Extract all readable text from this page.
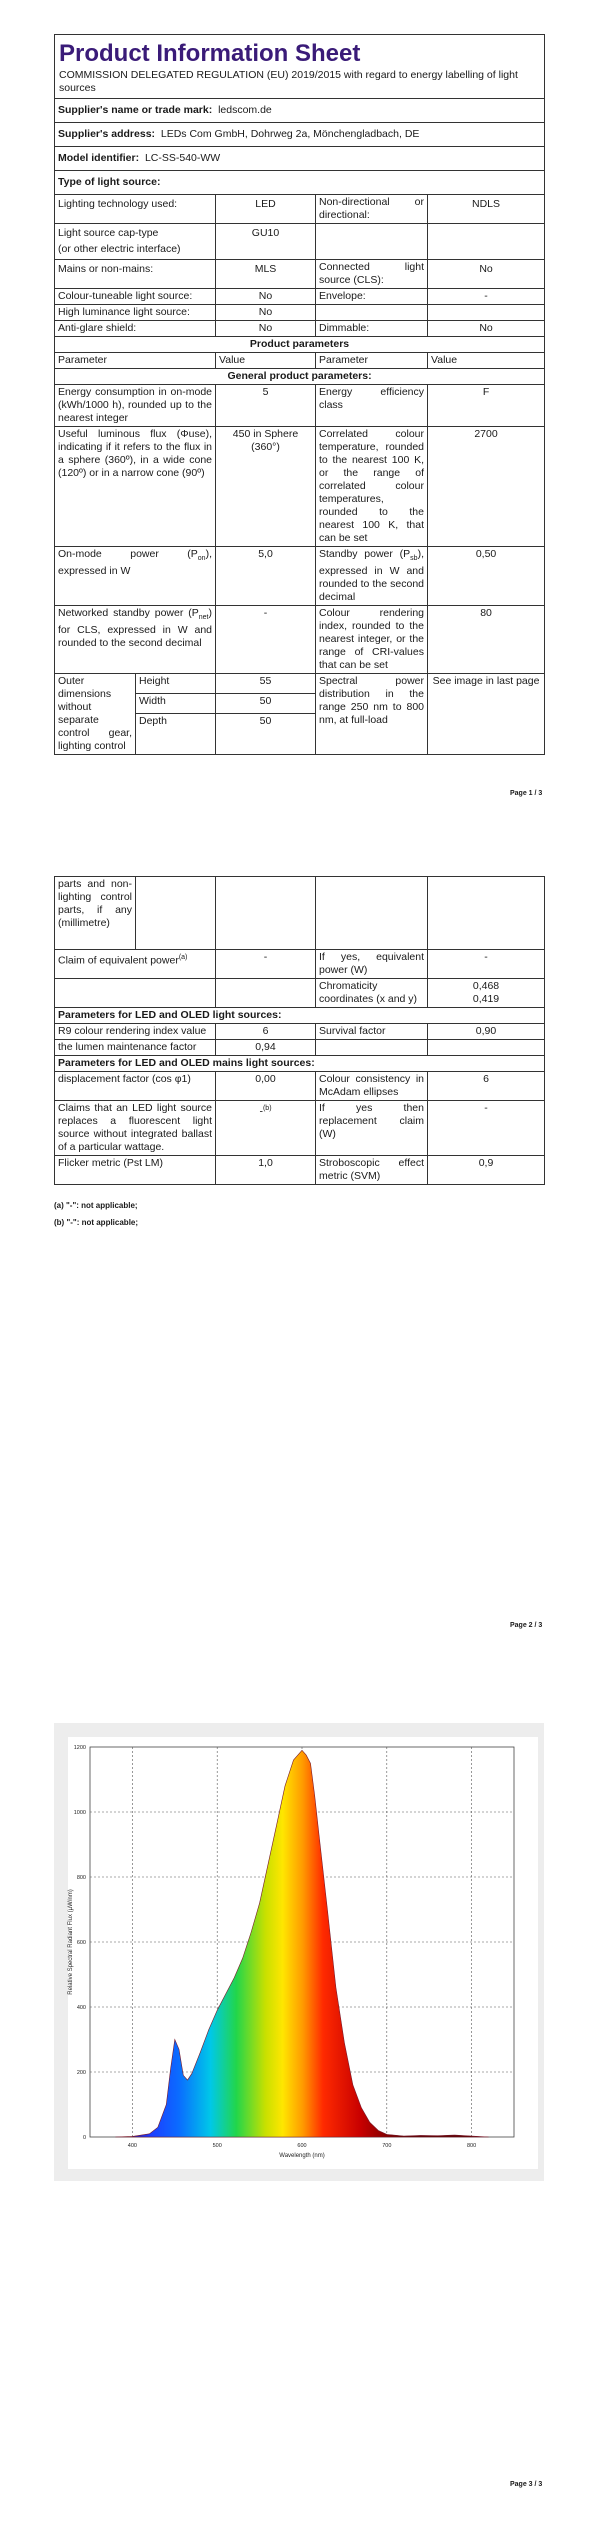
Product Information Sheet
COMMISSION DELEGATED REGULATION (EU) 2019/2015 with regard to energy labelling of light sources				

Supplier's name or trade mark: ledscom.de				
Supplier's address: LEDs Com GmbH, Dohrweg 2a, Mönchengladbach, DE				
Model identifier: LC-SS-540-WW				
Type of light source:				
Lighting technology used:		LED	Non-directional or directional:	NDLS

Light source cap-type
(or other electric interface)		GU10		
Mains or non-mains:		MLS	Connected light source (CLS):	No
Colour-tuneable light source:		No	Envelope:	-
High luminance light source:		No		
Anti-glare shield:		No	Dimmable:	No
Product parameters				
Parameter		Value	Parameter	Value
General product parameters:				
Energy consumption in on-mode (kWh/1000 h), rounded up to the nearest integer		5	Energy efficiency class	F
Useful luminous flux (Φuse), indicating if it refers to the flux in a sphere (360º), in a wide cone (120º) or in a narrow cone (90º)		450 in Sphere (360°)	Correlated colour temperature, rounded to the nearest 100 K, or the range of correlated colour temperatures, rounded to the nearest 100 K, that can be set	2700
On-mode power $(P_{on})$, expressed in W		5,0	Standby power $(P_{sb})$, expressed in W and rounded to the second decimal	0,50
Networked standby power $(P_{net})$ for CLS, expressed in W and rounded to the second decimal		-	Colour rendering index, rounded to the nearest integer, or the range of CRI-values that can be set	80
Outer dimensions without separate control gear, lighting control	Height	55	Spectral power distribution in the range 250 nm to 800 nm, at full-load	See image in last page
	Width	50		
	Depth	50		
Page 1 / 3
parts and non-lighting control parts, if any (millimetre)				
Claim of equivalent power$^{(a)}$		-	If yes, equivalent power (W)	-
			Chromaticity coordinates (x and y)	0,468
0,419

Parameters for LED and OLED light sources:				
R9 colour rendering index value		6	Survival factor	0,90
the lumen maintenance factor		0,94		
Parameters for LED and OLED mains light sources:				
displacement factor (cos φ1)		0,00	Colour consistency in McAdam ellipses	6
Claims that an LED light source replaces a fluorescent light source without integrated ballast of a particular wattage.		-$^{(b)}$	If yes then replacement claim (W)	-
Flicker metric (Pst LM)		1,0	Stroboscopic effect metric (SVM)	0,9
(a) "-": not applicable;
(b) "-": not applicable;
Page 2 / 3
400	500	600	700	800
0
200
400
600
800
1000
1200
Wavelength (nm)
Relative Spectral Radiant Flux (µW/nm)
Page 3 / 3
